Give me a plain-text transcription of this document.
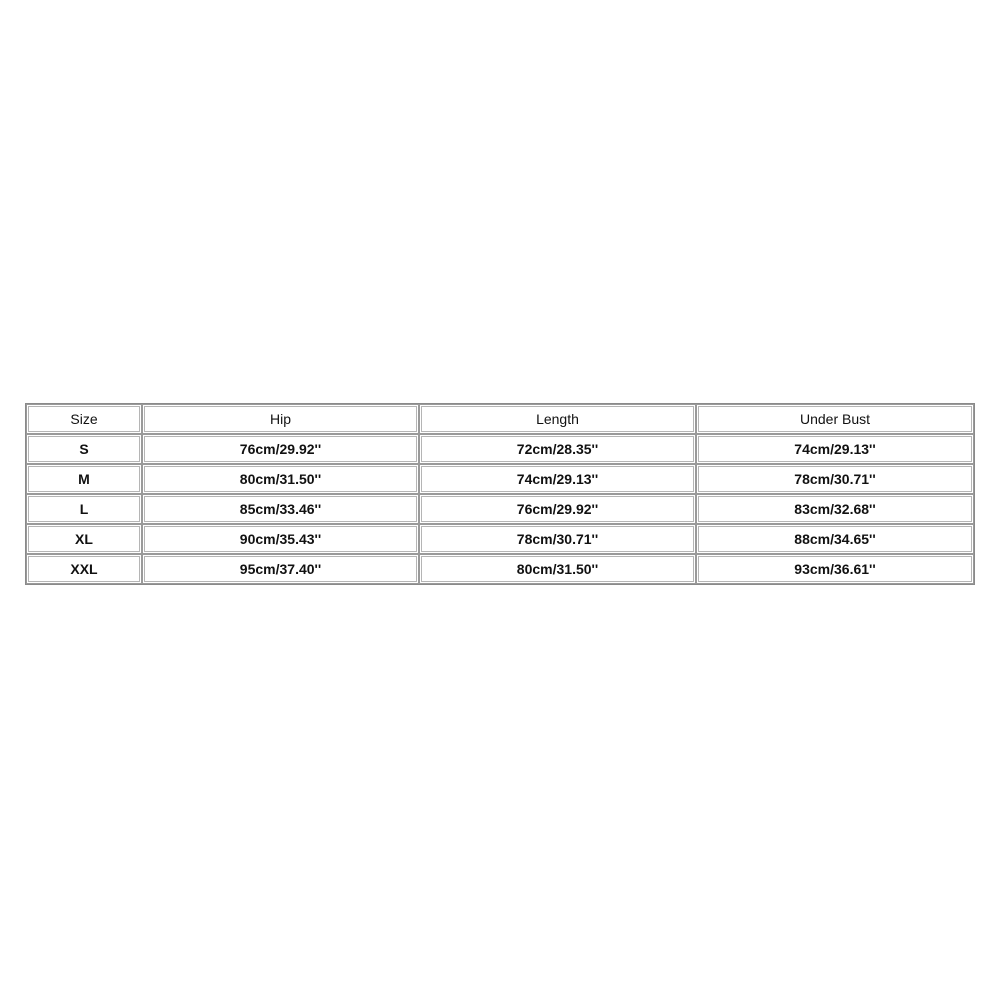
Size	Hip	Length	Under Bust
S	76cm/29.92''	72cm/28.35''	74cm/29.13''
M	80cm/31.50''	74cm/29.13''	78cm/30.71''
L	85cm/33.46''	76cm/29.92''	83cm/32.68''
XL	90cm/35.43''	78cm/30.71''	88cm/34.65''
XXL	95cm/37.40''	80cm/31.50''	93cm/36.61''
